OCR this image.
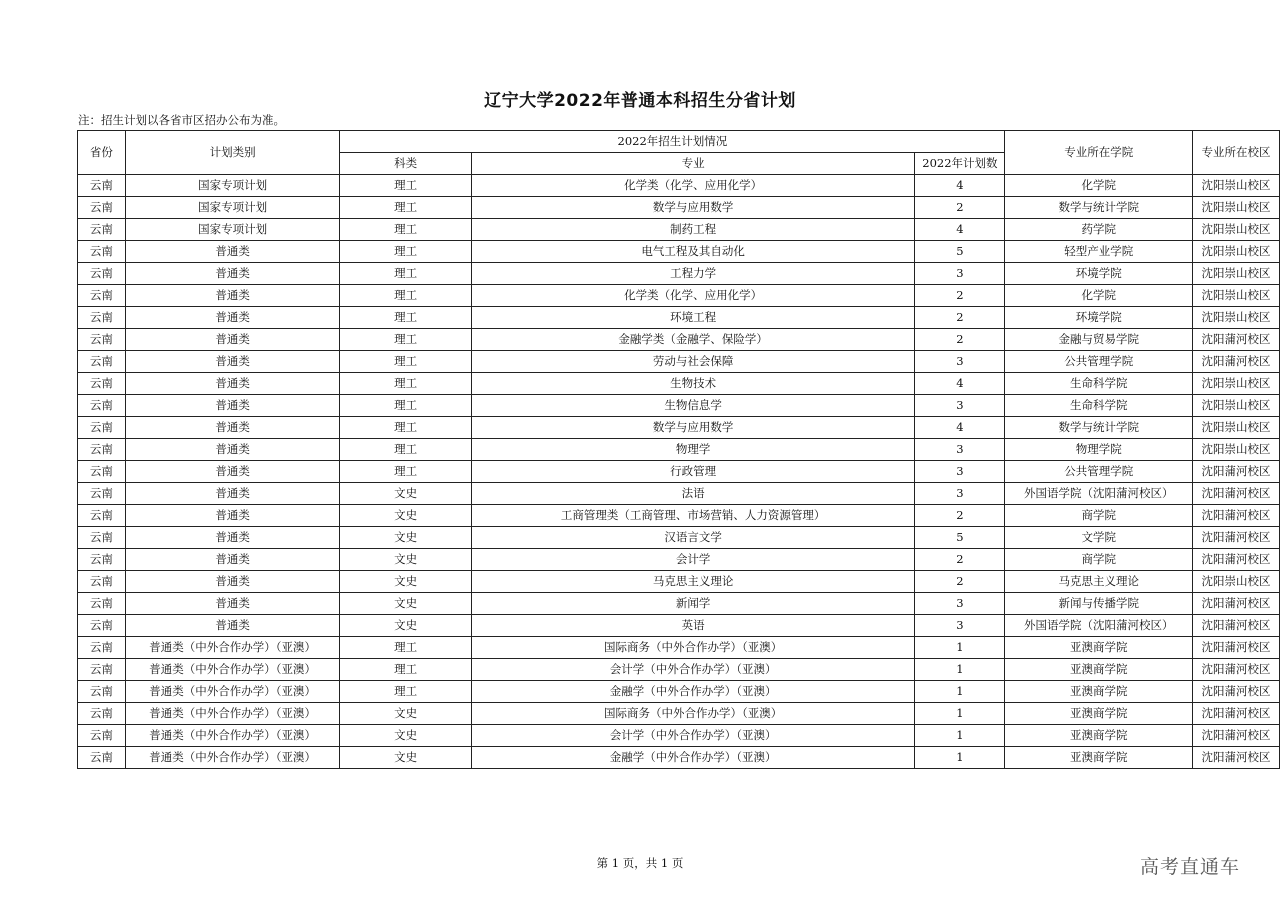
辽宁大学2022年普通本科招生分省计划
注：招生计划以各省市区招办公布为准。
省份	计划类别	2022年招生计划情况			专业所在学院	专业所在校区
		科类	专业	2022年计划数		
云南	国家专项计划	理工	化学类（化学、应用化学）	4	化学院	沈阳崇山校区
云南	国家专项计划	理工	数学与应用数学	2	数学与统计学院	沈阳崇山校区
云南	国家专项计划	理工	制药工程	4	药学院	沈阳崇山校区
云南	普通类	理工	电气工程及其自动化	5	轻型产业学院	沈阳崇山校区
云南	普通类	理工	工程力学	3	环境学院	沈阳崇山校区
云南	普通类	理工	化学类（化学、应用化学）	2	化学院	沈阳崇山校区
云南	普通类	理工	环境工程	2	环境学院	沈阳崇山校区
云南	普通类	理工	金融学类（金融学、保险学）	2	金融与贸易学院	沈阳蒲河校区
云南	普通类	理工	劳动与社会保障	3	公共管理学院	沈阳蒲河校区
云南	普通类	理工	生物技术	4	生命科学院	沈阳崇山校区
云南	普通类	理工	生物信息学	3	生命科学院	沈阳崇山校区
云南	普通类	理工	数学与应用数学	4	数学与统计学院	沈阳崇山校区
云南	普通类	理工	物理学	3	物理学院	沈阳崇山校区
云南	普通类	理工	行政管理	3	公共管理学院	沈阳蒲河校区
云南	普通类	文史	法语	3	外国语学院（沈阳蒲河校区）	沈阳蒲河校区
云南	普通类	文史	工商管理类（工商管理、市场营销、人力资源管理）	2	商学院	沈阳蒲河校区
云南	普通类	文史	汉语言文学	5	文学院	沈阳蒲河校区
云南	普通类	文史	会计学	2	商学院	沈阳蒲河校区
云南	普通类	文史	马克思主义理论	2	马克思主义理论	沈阳崇山校区
云南	普通类	文史	新闻学	3	新闻与传播学院	沈阳蒲河校区
云南	普通类	文史	英语	3	外国语学院（沈阳蒲河校区）	沈阳蒲河校区
云南	普通类（中外合作办学）（亚澳）	理工	国际商务（中外合作办学）（亚澳）	1	亚澳商学院	沈阳蒲河校区
云南	普通类（中外合作办学）（亚澳）	理工	会计学（中外合作办学）（亚澳）	1	亚澳商学院	沈阳蒲河校区
云南	普通类（中外合作办学）（亚澳）	理工	金融学（中外合作办学）（亚澳）	1	亚澳商学院	沈阳蒲河校区
云南	普通类（中外合作办学）（亚澳）	文史	国际商务（中外合作办学）（亚澳）	1	亚澳商学院	沈阳蒲河校区
云南	普通类（中外合作办学）（亚澳）	文史	会计学（中外合作办学）（亚澳）	1	亚澳商学院	沈阳蒲河校区
云南	普通类（中外合作办学）（亚澳）	文史	金融学（中外合作办学）（亚澳）	1	亚澳商学院	沈阳蒲河校区
第 1 页，共 1 页	高考直通车
